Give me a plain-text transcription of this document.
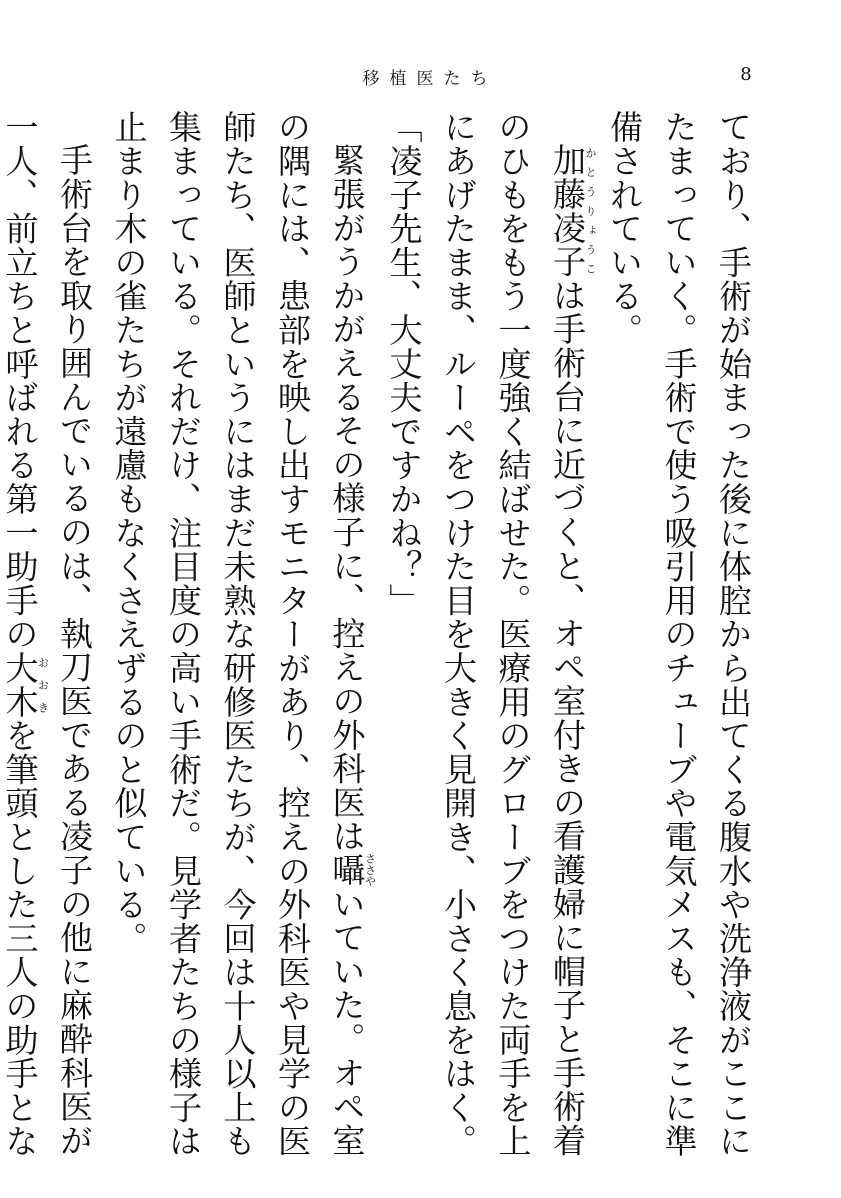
移植医たち	8

ており、手術が始まった後に体腔から出てくる腹水や洗浄液がここにたまっていく。手術で使う吸引用のチューブや電気メスも、そこに準備されている。

加藤凌子かとうりょうこは手術台に近づくと、オペ室付きの看護婦に帽子と手術着のひもをもう一度強く結ばせた。医療用のグローブをつけた両手を上にあげたまま、ルーペをつけた目を大きく見開き、小さく息をはく。

「凌子先生、大丈夫ですかね？」

緊張がうかがえるその様子に、控えの外科医は囁ささやいていた。オペ室の隅には、患部を映し出すモニターがあり、控えの外科医や見学の医師たち、医師というにはまだ未熟な研修医たちが、今回は十人以上も集まっている。それだけ、注目度の高い手術だ。見学者たちの様子は止まり木の雀たちが遠慮もなくさえずるのと似ている。

手術台を取り囲んでいるのは、執刀医である凌子の他に麻酔科医が一人、前立ちと呼ばれる第一助手の大木おおきを筆頭とした三人の助手とな
